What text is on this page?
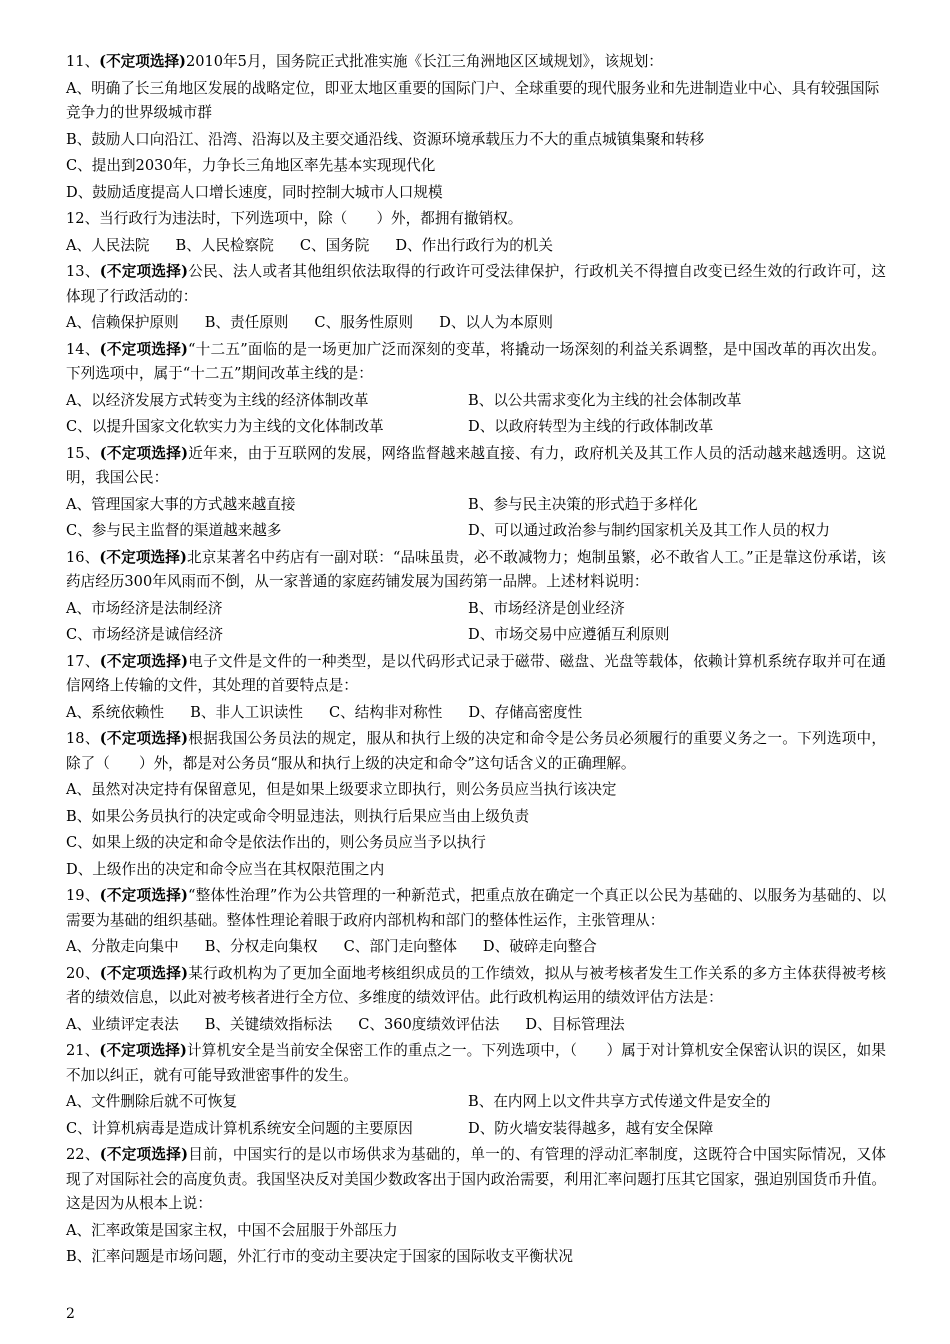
11、(不定项选择)2010年5月，国务院正式批准实施《长江三角洲地区区域规划》，该规划：

A、明确了长三角地区发展的战略定位，即亚太地区重要的国际门户、全球重要的现代服务业和先进制造业中心、具有较强国际竞争力的世界级城市群
B、鼓励人口向沿江、沿湾、沿海以及主要交通沿线、资源环境承载压力不大的重点城镇集聚和转移
C、提出到2030年，力争长三角地区率先基本实现现代化
D、鼓励适度提高人口增长速度，同时控制大城市人口规模

12、当行政行为违法时，下列选项中，除（　　）外，都拥有撤销权。

A、人民法院 B、人民检察院 C、国务院 D、作出行政行为的机关

13、(不定项选择)公民、法人或者其他组织依法取得的行政许可受法律保护，行政机关不得擅自改变已经生效的行政许可，这体现了行政活动的：

A、信赖保护原则 B、责任原则 C、服务性原则 D、以人为本原则

14、(不定项选择)“十二五”面临的是一场更加广泛而深刻的变革，将撬动一场深刻的利益关系调整，是中国改革的再次出发。下列选项中，属于“十二五”期间改革主线的是：

A、以经济发展方式转变为主线的经济体制改革	B、以公共需求变化为主线的社会体制改革
C、以提升国家文化软实力为主线的文化体制改革	D、以政府转型为主线的行政体制改革

15、(不定项选择)近年来，由于互联网的发展，网络监督越来越直接、有力，政府机关及其工作人员的活动越来越透明。这说明，我国公民：

A、管理国家大事的方式越来越直接	B、参与民主决策的形式趋于多样化
C、参与民主监督的渠道越来越多	D、可以通过政治参与制约国家机关及其工作人员的权力

16、(不定项选择)北京某著名中药店有一副对联：“品味虽贵，必不敢减物力；炮制虽繁，必不敢省人工。”正是靠这份承诺，该药店经历300年风雨而不倒，从一家普通的家庭药铺发展为国药第一品牌。上述材料说明：

A、市场经济是法制经济	B、市场经济是创业经济
C、市场经济是诚信经济	D、市场交易中应遵循互利原则

17、(不定项选择)电子文件是文件的一种类型，是以代码形式记录于磁带、磁盘、光盘等载体，依赖计算机系统存取并可在通信网络上传输的文件，其处理的首要特点是：

A、系统依赖性 B、非人工识读性 C、结构非对称性 D、存储高密度性

18、(不定项选择)根据我国公务员法的规定，服从和执行上级的决定和命令是公务员必须履行的重要义务之一。下列选项中，除了（　　）外，都是对公务员“服从和执行上级的决定和命令”这句话含义的正确理解。

A、虽然对决定持有保留意见，但是如果上级要求立即执行，则公务员应当执行该决定
B、如果公务员执行的决定或命令明显违法，则执行后果应当由上级负责
C、如果上级的决定和命令是依法作出的，则公务员应当予以执行
D、上级作出的决定和命令应当在其权限范围之内

19、(不定项选择)“整体性治理”作为公共管理的一种新范式，把重点放在确定一个真正以公民为基础的、以服务为基础的、以需要为基础的组织基础。整体性理论着眼于政府内部机构和部门的整体性运作，主张管理从：

A、分散走向集中 B、分权走向集权 C、部门走向整体 D、破碎走向整合

20、(不定项选择)某行政机构为了更加全面地考核组织成员的工作绩效，拟从与被考核者发生工作关系的多方主体获得被考核者的绩效信息，以此对被考核者进行全方位、多维度的绩效评估。此行政机构运用的绩效评估方法是：

A、业绩评定表法 B、关键绩效指标法 C、360度绩效评估法 D、目标管理法

21、(不定项选择)计算机安全是当前安全保密工作的重点之一。下列选项中，（　　）属于对计算机安全保密认识的误区，如果不加以纠正，就有可能导致泄密事件的发生。

A、文件删除后就不可恢复	B、在内网上以文件共享方式传递文件是安全的
C、计算机病毒是造成计算机系统安全问题的主要原因	D、防火墙安装得越多，越有安全保障

22、(不定项选择)目前，中国实行的是以市场供求为基础的，单一的、有管理的浮动汇率制度，这既符合中国实际情况，又体现了对国际社会的高度负责。我国坚决反对美国少数政客出于国内政治需要，利用汇率问题打压其它国家，强迫别国货币升值。这是因为从根本上说：

A、汇率政策是国家主权，中国不会屈服于外部压力
B、汇率问题是市场问题，外汇行市的变动主要决定于国家的国际收支平衡状况
2
